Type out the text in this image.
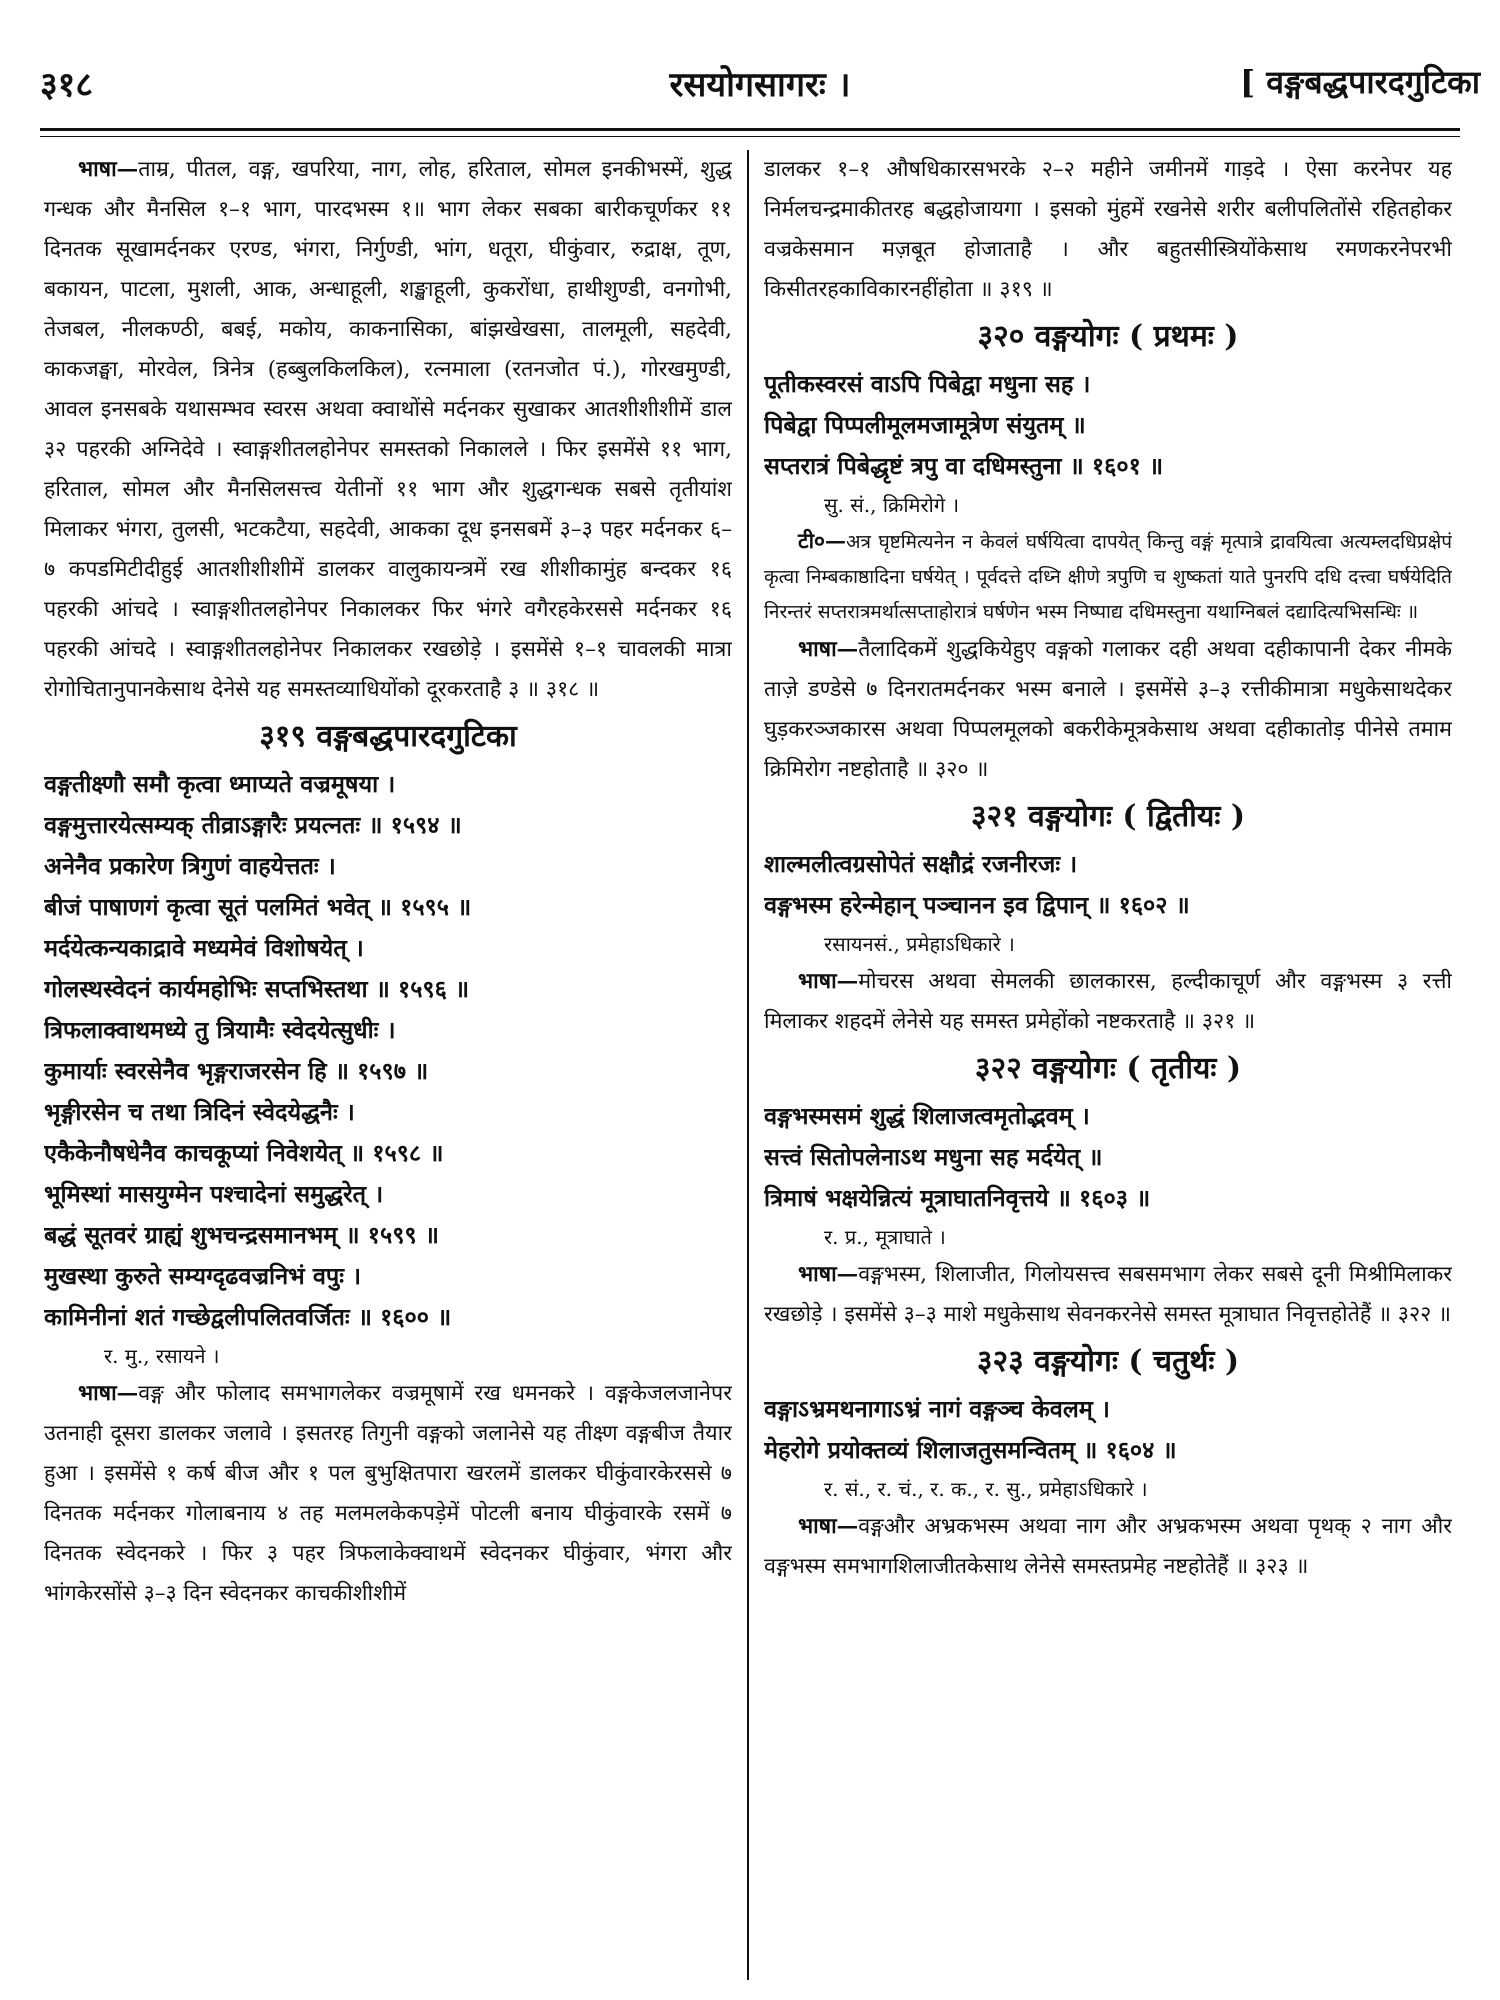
३१८	रसयोगसागरः ।	[ वङ्गबद्धपारदगुटिका

भाषा—ताम्र, पीतल, वङ्ग, खपरिया, नाग, लोह, हरिताल, सोमल इनकीभस्में, शुद्ध गन्धक और मैनसिल १–१ भाग, पारदभस्म १॥ भाग लेकर सबका बारीकचूर्णकर ११ दिनतक सूखामर्दनकर एरण्ड, भंगरा, निर्गुण्डी, भांग, धतूरा, घीकुंवार, रुद्राक्ष, तूण, बकायन, पाटला, मुशली, आक, अन्धाहूली, शङ्खाहूली, कुकरोंधा, हाथीशुण्डी, वनगोभी, तेजबल, नीलकण्ठी, बबई, मकोय, काकनासिका, बांझखेखसा, तालमूली, सहदेवी, काकजङ्घा, मोरवेल, त्रिनेत्र (हब्बुलकिलकिल), रत्नमाला (रतनजोत पं.), गोरखमुण्डी, आवल इनसबके यथासम्भव स्वरस अथवा क्वाथोंसे मर्दनकर सुखाकर आतशीशीशीमें डाल ३२ पहरकी अग्निदेवे । स्वाङ्गशीतलहोनेपर समस्तको निकालले । फिर इसमेंसे ११ भाग, हरिताल, सोमल और मैनसिलसत्त्व येतीनों ११ भाग और शुद्धगन्धक सबसे तृतीयांश मिलाकर भंगरा, तुलसी, भटकटैया, सहदेवी, आकका दूध इनसबमें ३–३ पहर मर्दनकर ६–७ कपडमिटीदीहुई आतशीशीशीमें डालकर वालुकायन्त्रमें रख शीशीकामुंह बन्दकर १६ पहरकी आंचदे । स्वाङ्गशीतलहोनेपर निकालकर फिर भंगरे वगैरहकेरससे मर्दनकर १६ पहरकी आंचदे । स्वाङ्गशीतलहोनेपर निकालकर रखछोड़े । इसमेंसे १–१ चावलकी मात्रा रोगोचितानुपानकेसाथ देनेसे यह समस्तव्याधियोंको दूरकरताहै ३ ॥ ३१८ ॥

३१९ वङ्गबद्धपारदगुटिका

वङ्गतीक्ष्णौ समौ कृत्वा ध्माप्यते वज्रमूषया ।

वङ्गमुत्तारयेत्सम्यक् तीव्राऽङ्गारैः प्रयत्नतः ॥ १५९४ ॥

अनेनैव प्रकारेण त्रिगुणं वाहयेत्ततः ।

बीजं पाषाणगं कृत्वा सूतं पलमितं भवेत् ॥ १५९५ ॥

मर्दयेत्कन्यकाद्रावे मध्यमेवं विशोषयेत् ।

गोलस्थस्वेदनं कार्यमहोभिः सप्तभिस्तथा ॥ १५९६ ॥

त्रिफलाक्वाथमध्ये तु त्रियामैः स्वेदयेत्सुधीः ।

कुमार्याः स्वरसेनैव भृङ्गराजरसेन हि ॥ १५९७ ॥

भृङ्गीरसेन च तथा त्रिदिनं स्वेदयेद्धनैः ।

एकैकेनौषधेनैव काचकूप्यां निवेशयेत् ॥ १५९८ ॥

भूमिस्थां मासयुग्मेन पश्चादेनां समुद्धरेत् ।

बद्धं सूतवरं ग्राह्यं शुभचन्द्रसमानभम् ॥ १५९९ ॥

मुखस्था कुरुते सम्यग्दृढवज्रनिभं वपुः ।

कामिनीनां शतं गच्छेद्वलीपलितवर्जितः ॥ १६०० ॥

र. मु., रसायने ।

भाषा—वङ्ग और फोलाद समभागलेकर वज्रमूषामें रख धमनकरे । वङ्गकेजलजानेपर उतनाही दूसरा डालकर जलावे । इसतरह तिगुनी वङ्गको जलानेसे यह तीक्ष्ण वङ्गबीज तैयार हुआ । इसमेंसे १ कर्ष बीज और १ पल बुभुक्षितपारा खरलमें डालकर घीकुंवारकेरससे ७ दिनतक मर्दनकर गोलाबनाय ४ तह मलमलकेकपड़ेमें पोटली बनाय घीकुंवारके रसमें ७ दिनतक स्वेदनकरे । फिर ३ पहर त्रिफलाकेक्वाथमें स्वेदनकर घीकुंवार, भंगरा और भांगकेरसोंसे ३–३ दिन स्वेदनकर काचकीशीशीमें

डालकर १–१ औषधिकारसभरके २–२ महीने जमीनमें गाड़दे । ऐसा करनेपर यह निर्मलचन्द्रमाकीतरह बद्धहोजायगा । इसको मुंहमें रखनेसे शरीर बलीपलितोंसे रहितहोकर वज्रकेसमान मज़बूत होजाताहै । और बहुतसीस्त्रियोंकेसाथ रमणकरनेपरभी किसीतरहकाविकारनहींहोता ॥ ३१९ ॥

३२० वङ्गयोगः ( प्रथमः )

पूतीकस्वरसं वाऽपि पिबेद्वा मधुना सह ।

पिबेद्वा पिप्पलीमूलमजामूत्रेण संयुतम् ॥

सप्तरात्रं पिबेद्धृष्टं त्रपु वा दधिमस्तुना ॥ १६०१ ॥

सु. सं., क्रिमिरोगे ।

टी०—अत्र घृष्टमित्यनेन न केवलं घर्षयित्वा दापयेत् किन्तु वङ्गं मृत्पात्रे द्रावयित्वा अत्यम्लदधिप्रक्षेपं कृत्वा निम्बकाष्ठादिना घर्षयेत् । पूर्वदत्ते दध्नि क्षीणे त्रपुणि च शुष्कतां याते पुनरपि दधि दत्त्वा घर्षयेदिति निरन्तरं सप्तरात्रमर्थात्सप्ताहोरात्रं घर्षणेन भस्म निष्पाद्य दधिमस्तुना यथाग्निबलं दद्यादित्यभिसन्धिः ॥

भाषा—तैलादिकमें शुद्धकियेहुए वङ्गको गलाकर दही अथवा दहीकापानी देकर नीमके ताज़े डण्डेसे ७ दिनरातमर्दनकर भस्म बनाले । इसमेंसे ३–३ रत्तीकीमात्रा मधुकेसाथदेकर घुड़करञ्जकारस अथवा पिप्पलमूलको बकरीकेमूत्रकेसाथ अथवा दहीकातोड़ पीनेसे तमाम क्रिमिरोग नष्टहोताहै ॥ ३२० ॥

३२१ वङ्गयोगः ( द्वितीयः )

शाल्मलीत्वग्रसोपेतं सक्षौद्रं रजनीरजः ।

वङ्गभस्म हरेन्मेहान् पञ्चानन इव द्विपान् ॥ १६०२ ॥

रसायनसं., प्रमेहाऽधिकारे ।

भाषा—मोचरस अथवा सेमलकी छालकारस, हल्दीकाचूर्ण और वङ्गभस्म ३ रत्ती मिलाकर शहदमें लेनेसे यह समस्त प्रमेहोंको नष्टकरताहै ॥ ३२१ ॥

३२२ वङ्गयोगः ( तृतीयः )

वङ्गभस्मसमं शुद्धं शिलाजत्वमृतोद्भवम् ।

सत्त्वं सितोपलेनाऽथ मधुना सह मर्दयेत् ॥

त्रिमाषं भक्षयेन्नित्यं मूत्राघातनिवृत्तये ॥ १६०३ ॥

र. प्र., मूत्राघाते ।

भाषा—वङ्गभस्म, शिलाजीत, गिलोयसत्त्व सबसमभाग लेकर सबसे दूनी मिश्रीमिलाकर रखछोड़े । इसमेंसे ३–३ माशे मधुकेसाथ सेवनकरनेसे समस्त मूत्राघात निवृत्तहोतेहैं ॥ ३२२ ॥

३२३ वङ्गयोगः ( चतुर्थः )

वङ्गाऽभ्रमथनागाऽभ्रं नागं वङ्गञ्च केवलम् ।

मेहरोगे प्रयोक्तव्यं शिलाजतुसमन्वितम् ॥ १६०४ ॥

र. सं., र. चं., र. क., र. सु., प्रमेहाऽधिकारे ।

भाषा—वङ्गऔर अभ्रकभस्म अथवा नाग और अभ्रकभस्म अथवा पृथक् २ नाग और वङ्गभस्म समभागशिलाजीतकेसाथ लेनेसे समस्तप्रमेह नष्टहोतेहैं ॥ ३२३ ॥
